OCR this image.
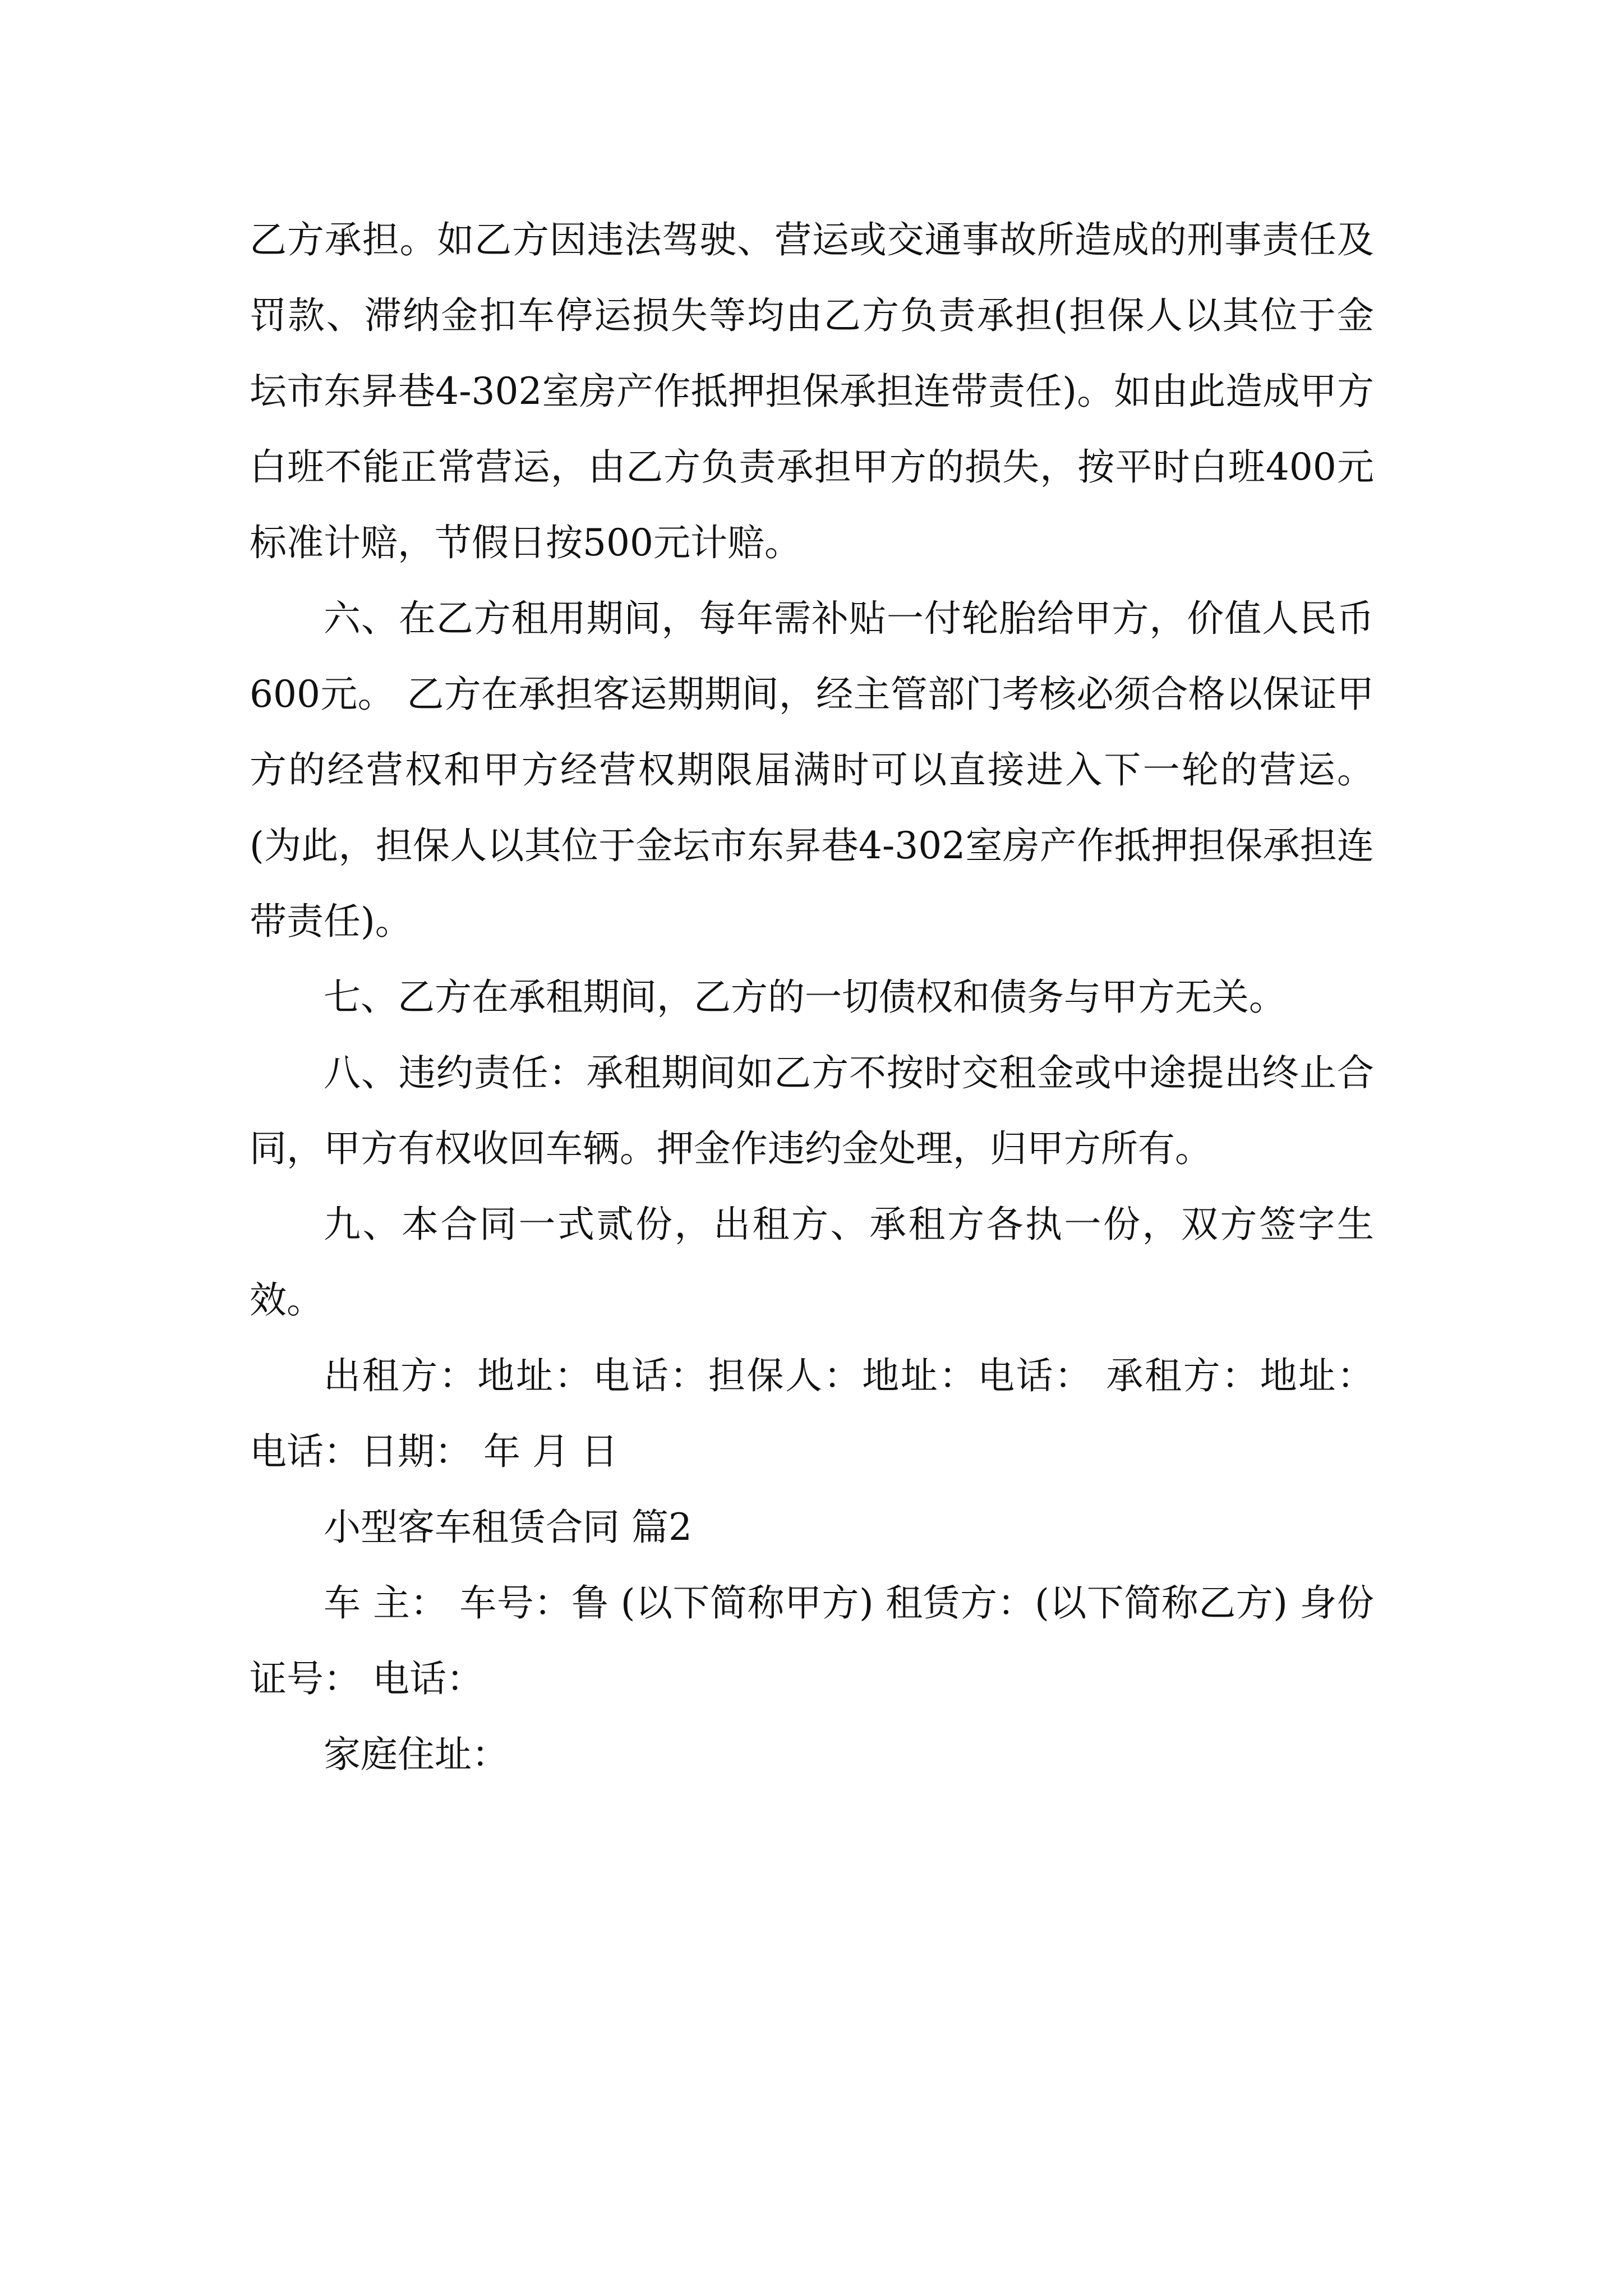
乙方承担。如乙方因违法驾驶、营运或交通事故所造成的刑事责任及罚款、滞纳金扣车停运损失等均由乙方负责承担(担保人以其位于金坛市东昇巷4-302室房产作抵押担保承担连带责任)。如由此造成甲方白班不能正常营运，由乙方负责承担甲方的损失，按平时白班400元标准计赔，节假日按500元计赔。

六、在乙方租用期间，每年需补贴一付轮胎给甲方，价值人民币600元。 乙方在承担客运期期间，经主管部门考核必须合格以保证甲方的经营权和甲方经营权期限届满时可以直接进入下一轮的营运。(为此，担保人以其位于金坛市东昇巷4-302室房产作抵押担保承担连带责任)。

七、乙方在承租期间，乙方的一切债权和债务与甲方无关。

八、违约责任：承租期间如乙方不按时交租金或中途提出终止合同，甲方有权收回车辆。押金作违约金处理，归甲方所有。

九、本合同一式贰份，出租方、承租方各执一份，双方签字生效。

出租方：地址：电话：担保人：地址：电话： 承租方：地址： 电话：日期： 年 月 日

小型客车租赁合同 篇2

车 主： 车号：鲁 (以下简称甲方) 租赁方：(以下简称乙方) 身份证号： 电话：

家庭住址：
